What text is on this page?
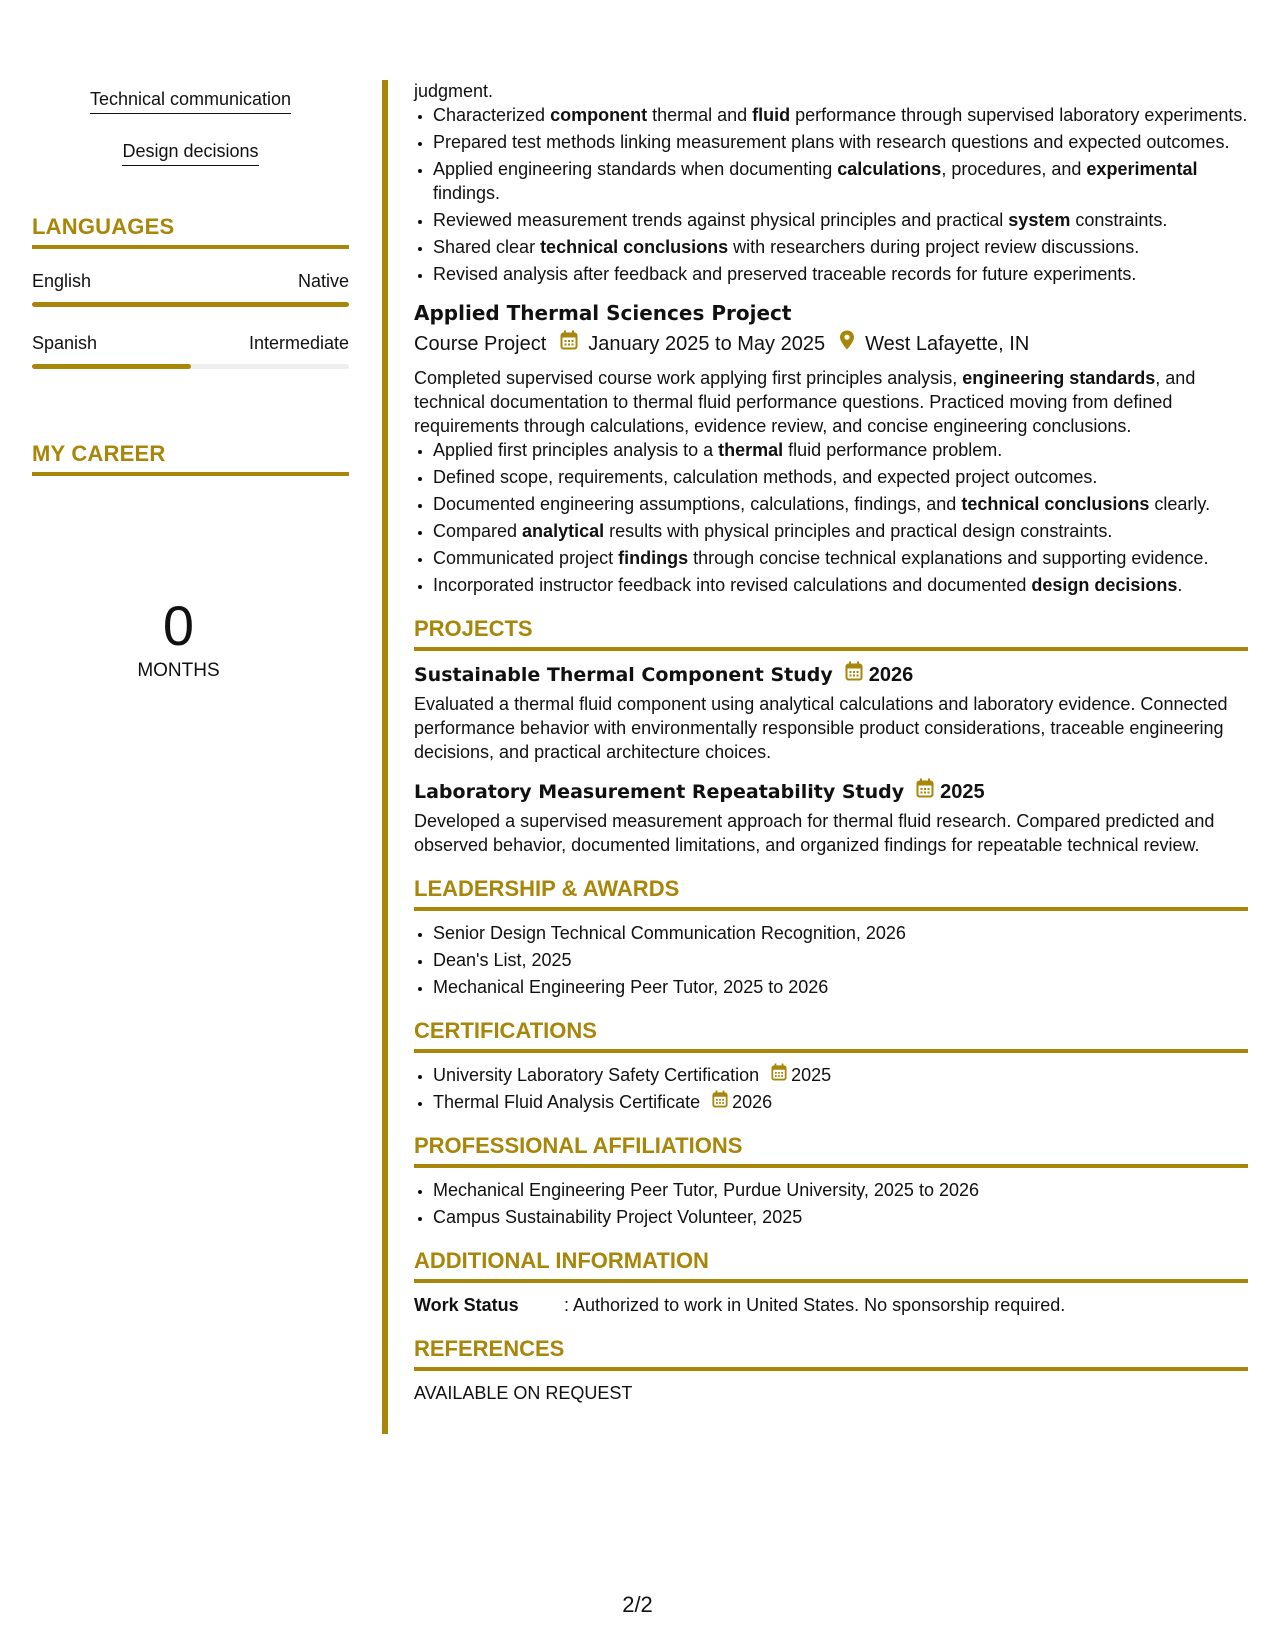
Technical communication
Design decisions
LANGUAGES
English	Native
Spanish	Intermediate
MY CAREER
0
MONTHS
judgment.
• Characterized component thermal and fluid performance through supervised laboratory experiments.
• Prepared test methods linking measurement plans with research questions and expected outcomes.
• Applied engineering standards when documenting calculations, procedures, and experimental findings.
• Reviewed measurement trends against physical principles and practical system constraints.
• Shared clear technical conclusions with researchers during project review discussions.
• Revised analysis after feedback and preserved traceable records for future experiments.
Applied Thermal Sciences Project
Course Project January 2025 to May 2025 West Lafayette, IN
Completed supervised course work applying first principles analysis, engineering standards, and technical documentation to thermal fluid performance questions. Practiced moving from defined requirements through calculations, evidence review, and concise engineering conclusions.
• Applied first principles analysis to a thermal fluid performance problem.
• Defined scope, requirements, calculation methods, and expected project outcomes.
• Documented engineering assumptions, calculations, findings, and technical conclusions clearly.
• Compared analytical results with physical principles and practical design constraints.
• Communicated project findings through concise technical explanations and supporting evidence.
• Incorporated instructor feedback into revised calculations and documented design decisions.
PROJECTS
Sustainable Thermal Component Study 2026
Evaluated a thermal fluid component using analytical calculations and laboratory evidence. Connected performance behavior with environmentally responsible product considerations, traceable engineering decisions, and practical architecture choices.
Laboratory Measurement Repeatability Study 2025
Developed a supervised measurement approach for thermal fluid research. Compared predicted and observed behavior, documented limitations, and organized findings for repeatable technical review.
LEADERSHIP & AWARDS
• Senior Design Technical Communication Recognition, 2026
• Dean's List, 2025
• Mechanical Engineering Peer Tutor, 2025 to 2026
CERTIFICATIONS
• University Laboratory Safety Certification 2025
• Thermal Fluid Analysis Certificate 2026
PROFESSIONAL AFFILIATIONS
• Mechanical Engineering Peer Tutor, Purdue University, 2025 to 2026
• Campus Sustainability Project Volunteer, 2025
ADDITIONAL INFORMATION
Work Status	: Authorized to work in United States. No sponsorship required.
REFERENCES
AVAILABLE ON REQUEST
2/2
